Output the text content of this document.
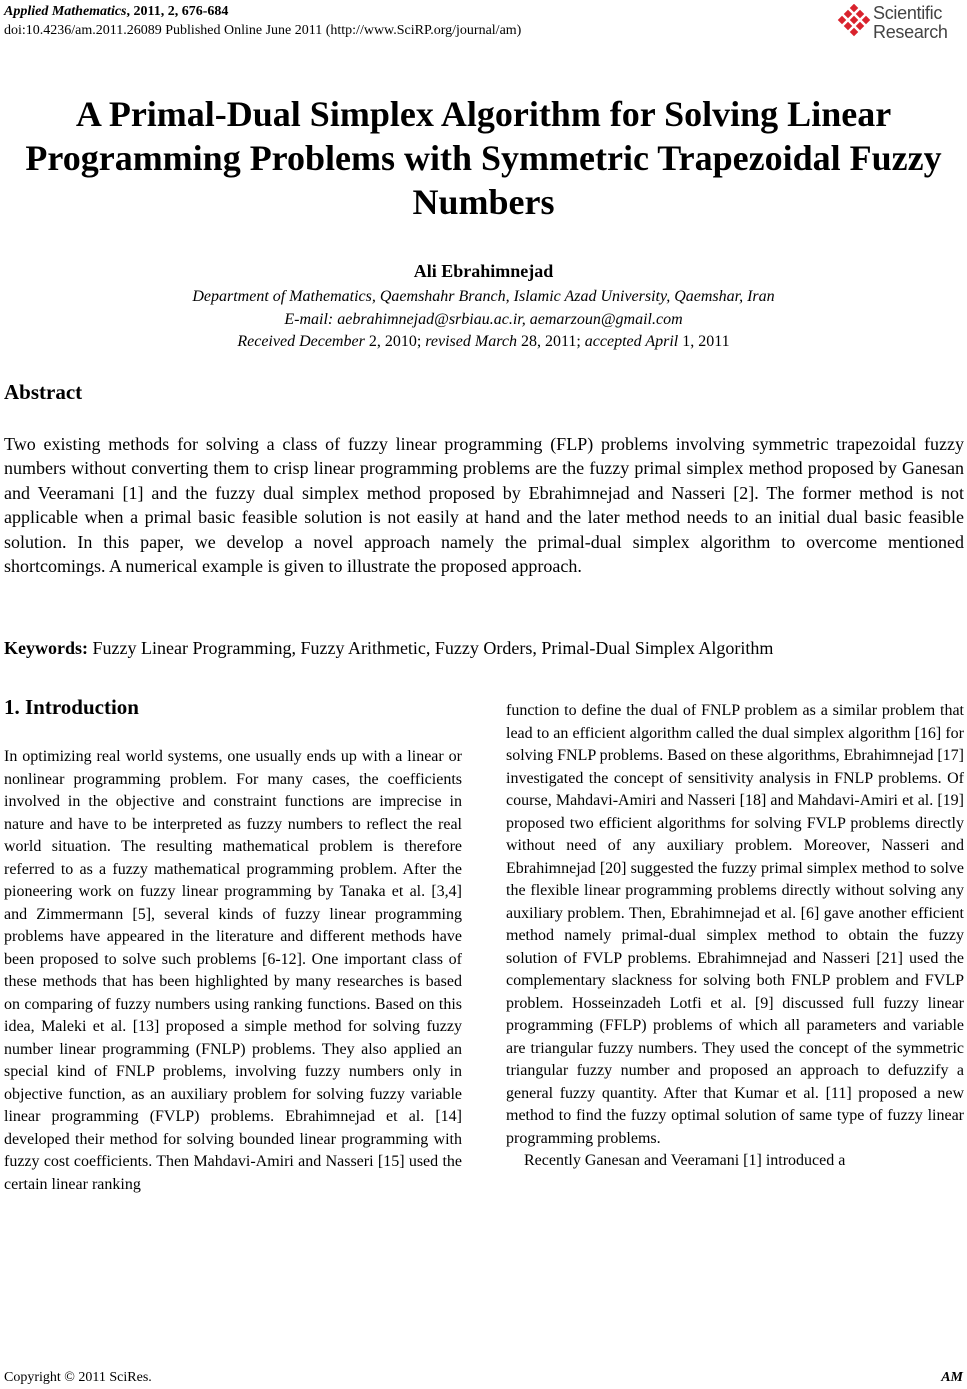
Applied Mathematics, 2011, 2, 676-684
doi:10.4236/am.2011.26089 Published Online June 2011 (http://www.SciRP.org/journal/am)
Scientific
Research
A Primal-Dual Simplex Algorithm for Solving Linear Programming Problems with Symmetric Trapezoidal Fuzzy Numbers
Ali Ebrahimnejad
Department of Mathematics, Qaemshahr Branch, Islamic Azad University, Qaemshar, Iran
E-mail: aebrahimnejad@srbiau.ac.ir, aemarzoun@gmail.com
Received December 2, 2010; revised March 28, 2011; accepted April 1, 2011
Abstract

Two existing methods for solving a class of fuzzy linear programming (FLP) problems involving symmetric trapezoidal fuzzy numbers without converting them to crisp linear programming problems are the fuzzy primal simplex method proposed by Ganesan and Veeramani [1] and the fuzzy dual simplex method proposed by Ebrahimnejad and Nasseri [2]. The former method is not applicable when a primal basic feasible solution is not easily at hand and the later method needs to an initial dual basic feasible solution. In this paper, we develop a novel approach namely the primal-dual simplex algorithm to overcome mentioned shortcomings. A numerical example is given to illustrate the proposed approach.

Keywords: Fuzzy Linear Programming, Fuzzy Arithmetic, Fuzzy Orders, Primal-Dual Simplex Algorithm

1. Introduction

In optimizing real world systems, one usually ends up with a linear or nonlinear programming problem. For many cases, the coefficients involved in the objective and constraint functions are imprecise in nature and have to be interpreted as fuzzy numbers to reflect the real world situation. The resulting mathematical problem is therefore referred to as a fuzzy mathematical programming problem. After the pioneering work on fuzzy linear programming by Tanaka et al. [3,4] and Zimmermann [5], several kinds of fuzzy linear programming problems have appeared in the literature and different methods have been proposed to solve such problems [6-12]. One important class of these methods that has been highlighted by many researches is based on comparing of fuzzy numbers using ranking functions. Based on this idea, Maleki et al. [13] proposed a simple method for solving fuzzy number linear programming (FNLP) problems. They also applied an special kind of FNLP problems, involving fuzzy numbers only in objective function, as an auxiliary problem for solving fuzzy variable linear programming (FVLP) problems. Ebrahimnejad et al. [14] developed their method for solving bounded linear programming with fuzzy cost coefficients. Then Mahdavi-Amiri and Nasseri [15] used the certain linear ranking

function to define the dual of FNLP problem as a similar problem that lead to an efficient algorithm called the dual simplex algorithm [16] for solving FNLP problems. Based on these algorithms, Ebrahimnejad [17] investigated the concept of sensitivity analysis in FNLP problems. Of course, Mahdavi-Amiri and Nasseri [18] and Mahdavi-Amiri et al. [19] proposed two efficient algorithms for solving FVLP problems directly without need of any auxiliary problem. Moreover, Nasseri and Ebrahimnejad [20] suggested the fuzzy primal simplex method to solve the flexible linear programming problems directly without solving any auxiliary problem. Then, Ebrahimnejad et al. [6] gave another efficient method namely primal-dual simplex method to obtain the fuzzy solution of FVLP problems. Ebrahimnejad and Nasseri [21] used the complementary slackness for solving both FNLP problem and FVLP problem. Hosseinzadeh Lotfi et al. [9] discussed full fuzzy linear programming (FFLP) problems of which all parameters and variable are triangular fuzzy numbers. They used the concept of the symmetric triangular fuzzy number and proposed an approach to defuzzify a general fuzzy quantity. After that Kumar et al. [11] proposed a new method to find the fuzzy optimal solution of same type of fuzzy linear programming problems.
Recently Ganesan and Veeramani [1] introduced a
Copyright © 2011 SciRes.	AM
